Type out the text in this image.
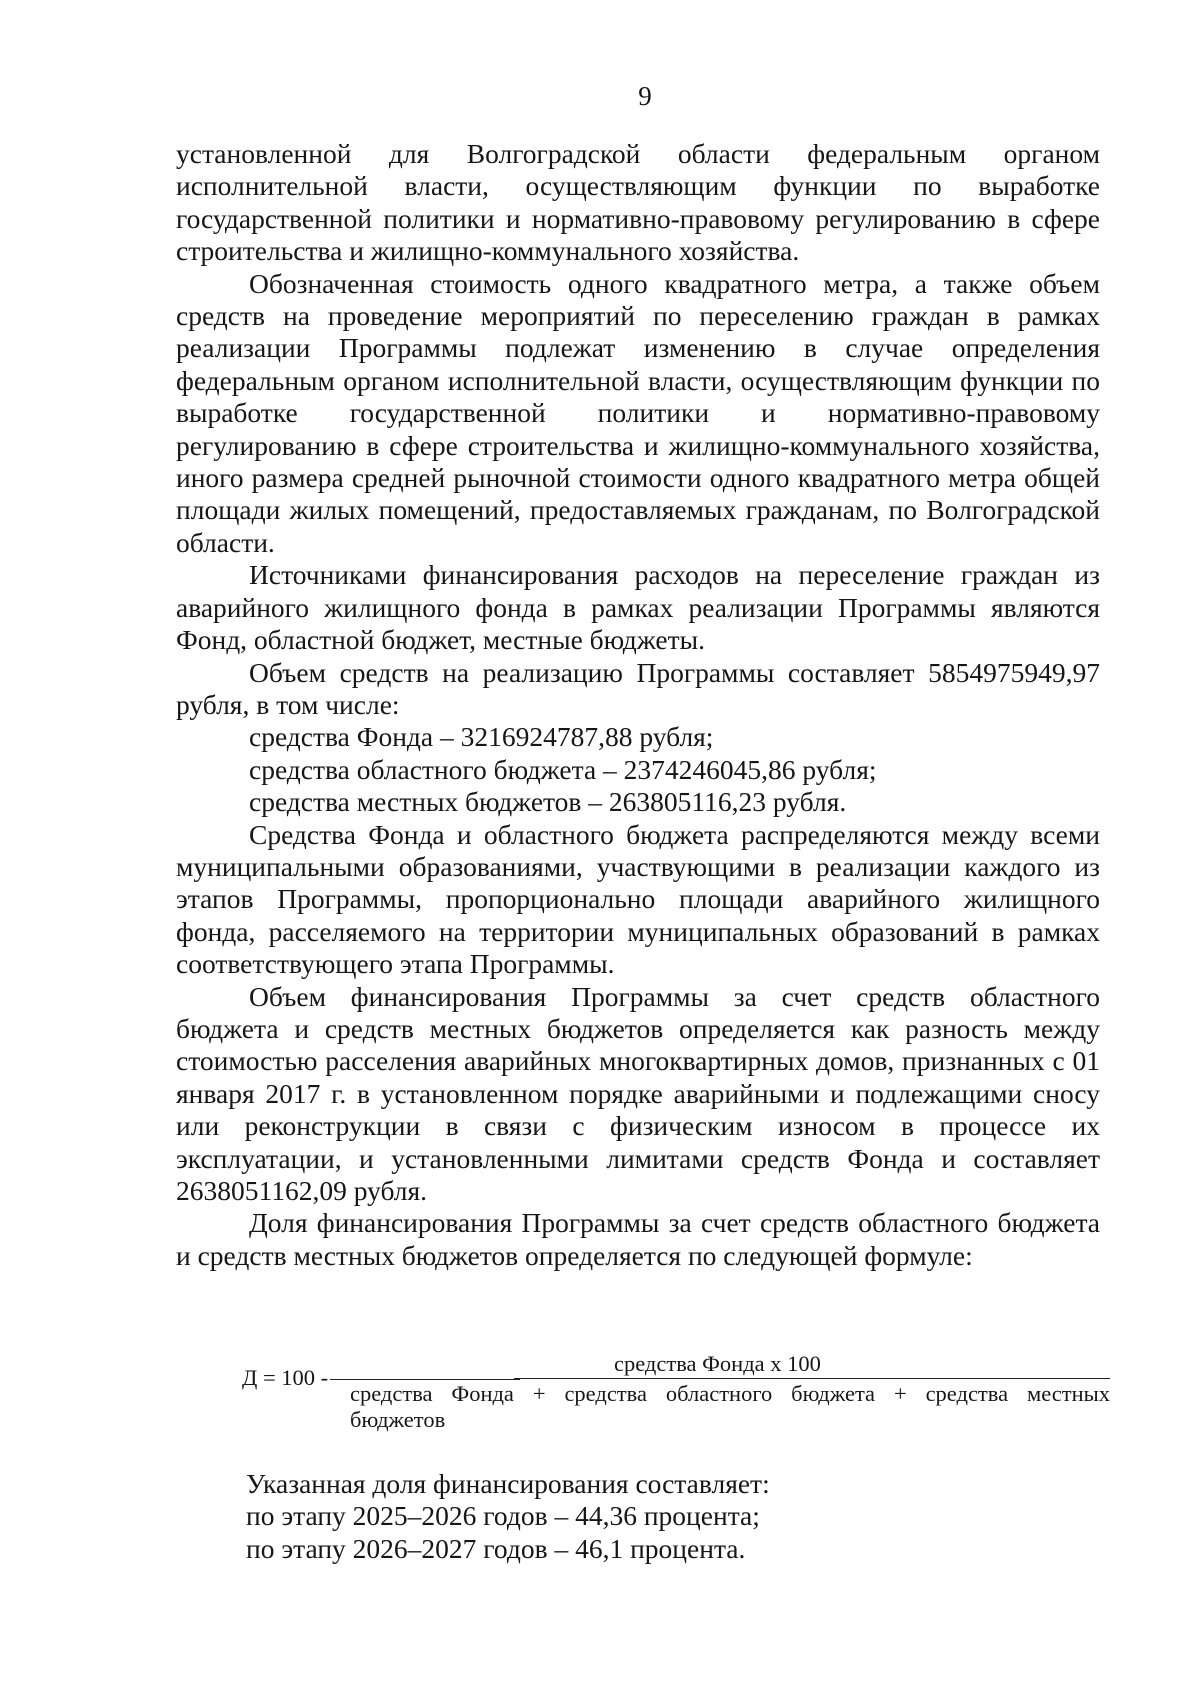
9

установленной для Волгоградской области федеральным органом исполнительной власти, осуществляющим функции по выработке государственной политики и нормативно-правовому регулированию в сфере строительства и жилищно-коммунального хозяйства.

Обозначенная стоимость одного квадратного метра, а также объем средств на проведение мероприятий по переселению граждан в рамках реализации Программы подлежат изменению в случае определения федеральным органом исполнительной власти, осуществляющим функции по выработке государственной политики и нормативно-правовому регулированию в сфере строительства и жилищно-коммунального хозяйства, иного размера средней рыночной стоимости одного квадратного метра общей площади жилых помещений, предоставляемых гражданам, по Волгоградской области.

Источниками финансирования расходов на переселение граждан из аварийного жилищного фонда в рамках реализации Программы являются Фонд, областной бюджет, местные бюджеты.

Объем средств на реализацию Программы составляет 5854975949,97 рубля, в том числе:

средства Фонда – 3216924787,88 рубля;

средства областного бюджета – 2374246045,86 рубля;

средства местных бюджетов – 263805116,23 рубля.

Средства Фонда и областного бюджета распределяются между всеми муниципальными образованиями, участвующими в реализации каждого из этапов Программы, пропорционально площади аварийного жилищного фонда, расселяемого на территории муниципальных образований в рамках соответствующего этапа Программы.

Объем финансирования Программы за счет средств областного бюджета и средств местных бюджетов определяется как разность между стоимостью расселения аварийных многоквартирных домов, признанных с 01 января 2017 г. в установленном порядке аварийными и подлежащими сносу или реконструкции в связи с физическим износом в процессе их эксплуатации, и установленными лимитами средств Фонда и составляет 2638051162,09 рубля.

Доля финансирования Программы за счет средств областного бюджета и средств местных бюджетов определяется по следующей формуле:

Д = 100 -
средства Фонда х 100
средства Фонда + средства областного бюджета + средства местных
бюджетов

Указанная доля финансирования составляет:

по этапу 2025–2026 годов – 44,36 процента;

по этапу 2026–2027 годов – 46,1 процента.
